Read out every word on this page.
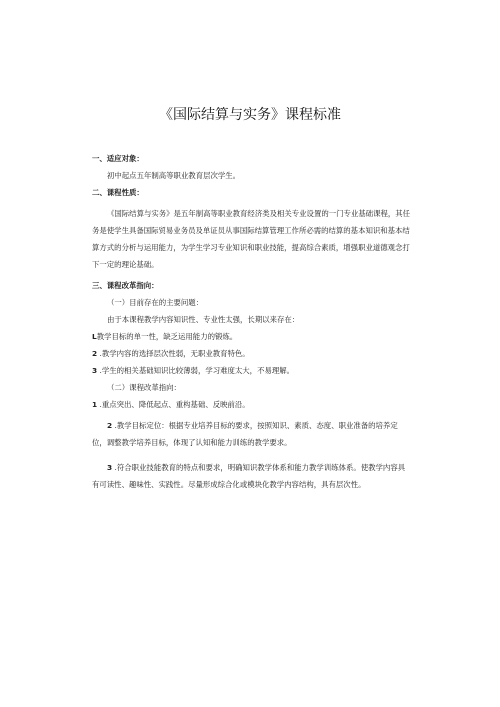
《国际结算与实务》课程标准
一、适应对象：
初中起点五年制高等职业教育层次学生。
二、课程性质：
《国际结算与实务》是五年制高等职业教育经济类及相关专业设置的一门专业基础课程，其任务是使学生具备国际贸易业务员及单证员从事国际结算管理工作所必需的结算的基本知识和基本结算方式的分析与运用能力，为学生学习专业知识和职业技能，提高综合素质，增强职业道德观念打下一定的理论基础。
三、课程改革指向：
（一）目前存在的主要问题：
由于本课程教学内容知识性、专业性太强，长期以来存在：
L教学目标的单一性，缺乏运用能力的锻炼。
2 .教学内容的选择层次性弱，无职业教育特色。
3 .学生的相关基础知识比较薄弱，学习难度太大，不易理解。
（二）课程改革指向：
1 .重点突出、降低起点、重构基础、反映前沿。
2 .教学目标定位：根据专业培养目标的要求，按照知识、素质、态度、职业准备的培养定位，调整教学培养目标，体现了认知和能力训练的教学要求。
3 .符合职业技能教育的特点和要求，明确知识教学体系和能力教学训练体系。使教学内容具有可读性、趣味性、实践性。尽量形成综合化或模块化教学内容结构，具有层次性。
